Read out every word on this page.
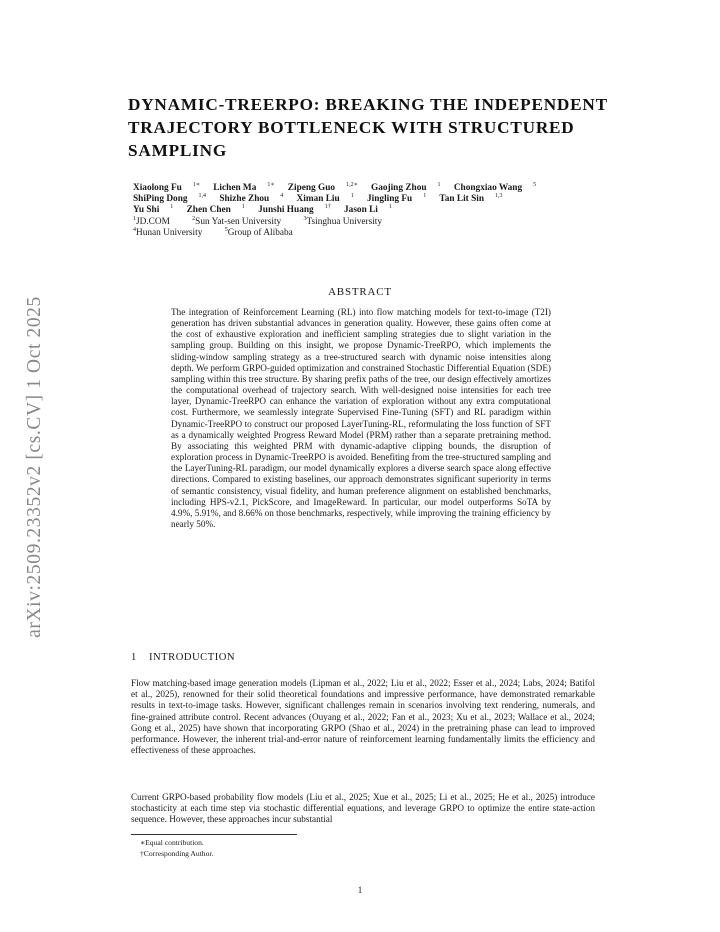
arXiv:2509.23352v2 [cs.CV] 1 Oct 2025
DYNAMIC-TREERPO: BREAKING THE INDEPENDENT TRAJECTORY BOTTLENECK WITH STRUCTURED SAMPLING
Xiaolong Fu $^{1∗}$ Lichen Ma $^{1∗}$ Zipeng Guo $^{1,2∗}$ Gaojing Zhou $^1$ Chongxiao Wang $^5$
ShiPing Dong $^{1,4}$ Shizhe Zhou $^4$ Ximan Liu $^1$ Jingling Fu $^1$ Tan Lit Sin $^{1,3}$
Yu Shi $^1$ Zhen Chen $^1$ Junshi Huang $^{1\dagger}$ Jason Li $^1$
$^1$JD.COM	$^2$Sun Yat-sen University	$^3$Tsinghua University
$^4$Hunan University	$^5$Group of Alibaba
ABSTRACT

The integration of Reinforcement Learning (RL) into flow matching models for text-to-image (T2I) generation has driven substantial advances in generation quality. However, these gains often come at the cost of exhaustive exploration and inefficient sampling strategies due to slight variation in the sampling group. Building on this insight, we propose Dynamic-TreeRPO, which implements the sliding-window sampling strategy as a tree-structured search with dynamic noise intensities along depth. We perform GRPO-guided optimization and constrained Stochastic Differential Equation (SDE) sampling within this tree structure. By sharing prefix paths of the tree, our design effectively amortizes the computational overhead of trajectory search. With well-designed noise intensities for each tree layer, Dynamic-TreeRPO can enhance the variation of exploration without any extra computational cost. Furthermore, we seamlessly integrate Supervised Fine-Tuning (SFT) and RL paradigm within Dynamic-TreeRPO to construct our proposed LayerTuning-RL, reformulating the loss function of SFT as a dynamically weighted Progress Reward Model (PRM) rather than a separate pretraining method. By associating this weighted PRM with dynamic-adaptive clipping bounds, the disruption of exploration process in Dynamic-TreeRPO is avoided. Benefiting from the tree-structured sampling and the LayerTuning-RL paradigm, our model dynamically explores a diverse search space along effective directions. Compared to existing baselines, our approach demonstrates significant superiority in terms of semantic consistency, visual fidelity, and human preference alignment on established benchmarks, including HPS-v2.1, PickScore, and ImageReward. In particular, our model outperforms SoTA by 4.9%, 5.91%, and 8.66% on those benchmarks, respectively, while improving the training efficiency by nearly 50%.

1 INTRODUCTION

Flow matching-based image generation models (Lipman et al., 2022; Liu et al., 2022; Esser et al., 2024; Labs, 2024; Batifol et al., 2025), renowned for their solid theoretical foundations and impressive performance, have demonstrated remarkable results in text-to-image tasks. However, significant challenges remain in scenarios involving text rendering, numerals, and fine-grained attribute control. Recent advances (Ouyang et al., 2022; Fan et al., 2023; Xu et al., 2023; Wallace et al., 2024; Gong et al., 2025) have shown that incorporating GRPO (Shao et al., 2024) in the pretraining phase can lead to improved performance. However, the inherent trial-and-error nature of reinforcement learning fundamentally limits the efficiency and effectiveness of these approaches.

Current GRPO-based probability flow models (Liu et al., 2025; Xue et al., 2025; Li et al., 2025; He et al., 2025) introduce stochasticity at each time step via stochastic differential equations, and leverage GRPO to optimize the entire state-action sequence. However, these approaches incur substantial

∗Equal contribution.
†Corresponding Author.
1
